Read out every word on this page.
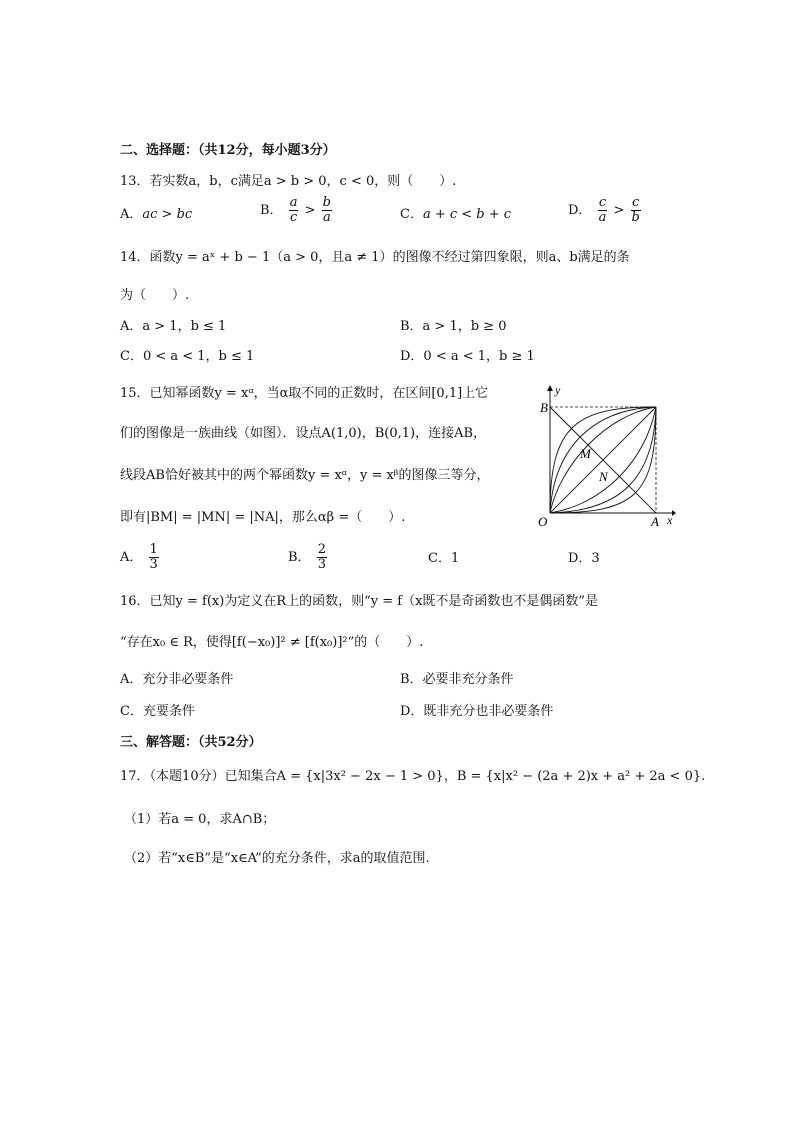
二、选择题：（共12分，每小题3分）
13．若实数a，b，c满足a > b > 0，c < 0，则（　　）.
A．ac > bc	B． $\frac{a}{c} > \frac{b}{a}$	C．a + c < b + c	D． $\frac{c}{a} > \frac{c}{b}$
14．函数y = aˣ + b − 1（a > 0，且a ≠ 1）的图像不经过第四象限，则a、b满足的条
为（　　）.
A．a > 1，b ≤ 1	B．a > 1，b ≥ 0
C．0 < a < 1，b ≤ 1	D．0 < a < 1，b ≥ 1
15．已知幂函数y = xᵅ，当α取不同的正数时，在区间[0,1]上它
们的图像是一族曲线（如图）．设点A(1,0)，B(0,1)，连接AB，
线段AB恰好被其中的两个幂函数y = xᵅ，y = xᵝ的图像三等分，
即有|BM| = |MN| = |NA|，那么αβ =（　　）.
B
y
M
N
O	A x
A． $\frac{1}{3}$	B． $\frac{2}{3}$	C．1	D．3
16．已知y = f(x)为定义在R上的函数，则“y = f（x既不是奇函数也不是偶函数”是
“存在x₀ ∈ R，使得[f(−x₀)]² ≠ [f(x₀)]²”的（　　）.
A．充分非必要条件	B．必要非充分条件
C．充要条件	D．既非充分也非必要条件
三、解答题：（共52分）
17．（本题10分）已知集合A = {x|3x² − 2x − 1 > 0}，B = {x|x² − (2a + 2)x + a² + 2a < 0}.
（1）若a = 0，求A∩B；
（2）若“x∈B”是“x∈A”的充分条件，求a的取值范围.
